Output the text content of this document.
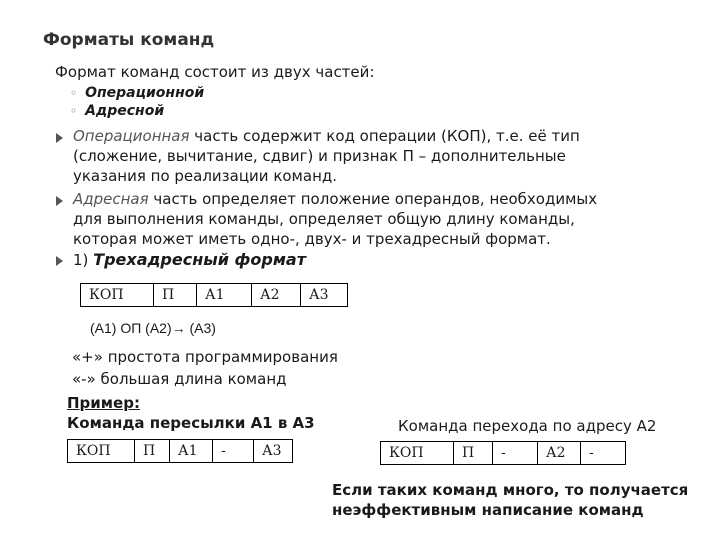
Форматы команд
Формат команд состоит из двух частей:
◦ Операционной
◦ Адресной
Операционная часть содержит код операции (КОП), т.е. её тип
(сложение, вычитание, сдвиг) и признак П – дополнительные
указания по реализации команд.
Адресная часть определяет положение операндов, необходимых
для выполнения команды, определяет общую длину команды,
которая может иметь одно-, двух- и трехадресный формат.
1) Трехадресный формат
КОП	П	А1	А2	А3
(А1) ОП (А2)→ (А3)
«+» простота программирования
«-» большая длина команд
Пример:
Команда пересылки А1 в А3
КОП	П	А1	-	А3
Команда перехода по адресу А2
КОП	П	-	А2	-
Если таких команд много, то получается
неэффективным написание команд
